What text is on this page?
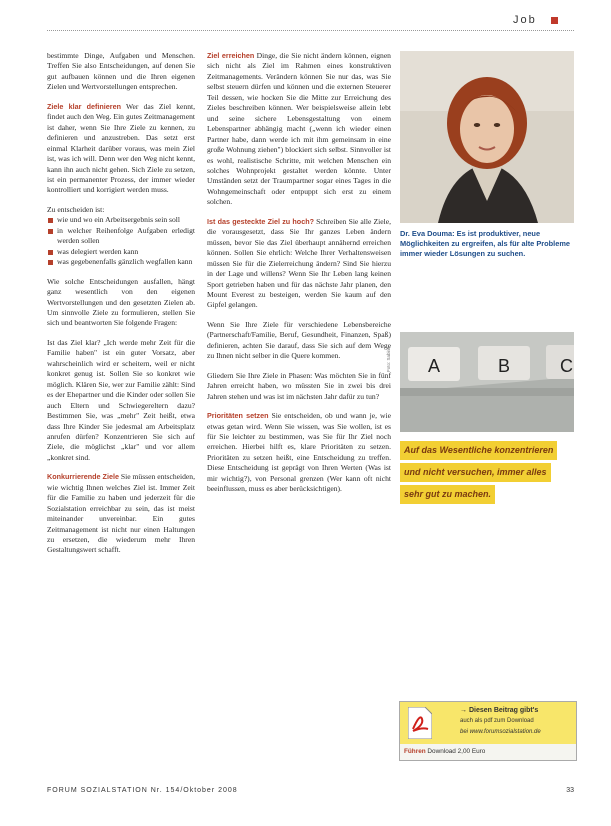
Job

bestimmte Dinge, Aufgaben und Menschen. Treffen Sie also Entscheidungen, auf denen Sie gut aufbauen können und die Ihren eigenen Zielen und Wertvorstellungen entsprechen.

Ziele klar definieren Wer das Ziel kennt, findet auch den Weg. Ein gutes Zeitmanagement ist daher, wenn Sie Ihre Ziele zu kennen, zu definieren und anzustreben. Das setzt erst einmal Klarheit darüber voraus, was mein Ziel ist, was ich will. Denn wer den Weg nicht kennt, kann ihn auch nicht gehen. Sich Ziele zu setzen, ist ein permanenter Prozess, der immer wieder kontrolliert und korrigiert werden muss.

Zu entscheiden ist:

wie und wo ein Arbeitsergebnis sein soll
in welcher Reihenfolge Aufgaben erledigt werden sollen
was delegiert werden kann
was gegebenenfalls gänzlich wegfallen kann

Wie solche Entscheidungen ausfallen, hängt ganz wesentlich von den eigenen Wertvorstellungen und den gesetzten Zielen ab. Um sinnvolle Ziele zu formulieren, stellen Sie sich und beantworten Sie folgende Fragen:

Ist das Ziel klar? „Ich werde mehr Zeit für die Familie haben" ist ein guter Vorsatz, aber wahrscheinlich wird er scheitern, weil er nicht konkret genug ist. Sollen Sie so konkret wie möglich. Klären Sie, wer zur Familie zählt: Sind es der Ehepartner und die Kinder oder sollen Sie auch Eltern und Schwiegereltern dazu? Bestimmen Sie, was „mehr" Zeit heißt, etwa dass Ihre Kinder Sie jedesmal am Arbeitsplatz anrufen dürfen? Konzentrieren Sie sich auf Ziele, die möglichst „klar" und vor allem „konkret sind.

Konkurrierende Ziele Sie müssen entscheiden, wie wichtig Ihnen welches Ziel ist. Immer Zeit für die Familie zu haben und jederzeit für die Sozialstation erreichbar zu sein, das ist meist miteinander unvereinbar. Ein gutes Zeitmanagement ist nicht nur einen Haltungen zu ersetzen, die wiederum mehr Ihren Gestaltungswert schafft.

Ziel erreichen Dinge, die Sie nicht ändern können, eignen sich nicht als Ziel im Rahmen eines konstruktiven Zeitmanagements. Verändern können Sie nur das, was Sie selbst steuern dürfen und können und die externen Steuerer Teil dessen, wie hocken Sie die Mitte zur Erreichung des Zieles beschreiben können. Wer beispielsweise allein lebt und seine sichere Lebensgestaltung von einem Lebenspartner abhängig macht („wenn ich wieder einen Partner habe, dann werde ich mit ihm gemeinsam in eine große Wohnung ziehen") blockiert sich selbst. Sinnvoller ist es wohl, realistische Schritte, mit welchen Menschen ein solches Wohnprojekt gestaltet werden könnte. Unter Umständen setzt der Traumpartner sogar eines Tages in die Wohngemeinschaft oder entpuppt sich erst zu einem solchen.

Ist das gesteckte Ziel zu hoch? Schreiben Sie alle Ziele, die vorausgesetzt, dass Sie Ihr ganzes Leben ändern müssen, bevor Sie das Ziel überhaupt annähernd erreichen können. Sollen Sie ehrlich: Welche Ihrer Verhaltensweisen müssen Sie für die Zielerreichung ändern? Sind Sie hierzu in der Lage und willens? Wenn Sie Ihr Leben lang keinen Sport getrieben haben und für das nächste Jahr planen, den Mount Everest zu besteigen, werden Sie kaum auf den Gipfel gelangen.

Wenn Sie Ihre Ziele für verschiedene Lebensbereiche (Partnerschaft/Familie, Beruf, Gesundheit, Finanzen, Spaß) definieren, achten Sie darauf, dass Sie sich auf dem Wege zu Ihnen nicht selber in die Quere kommen.

Gliedern Sie Ihre Ziele in Phasen: Was möchten Sie in fünf Jahren erreicht haben, wo müssten Sie in zwei bis drei Jahren stehen und was ist im nächsten Jahr dafür zu tun?

Prioritäten setzen Sie entscheiden, ob und wann je, wie etwas getan wird. Wenn Sie wissen, was Sie wollen, ist es für Sie leichter zu bestimmen, was Sie für Ihr Ziel noch erreichen. Hierbei hilft es, klare Prioritäten zu setzen. Prioritäten zu setzen heißt, eine Entscheidung zu treffen. Diese Entscheidung ist geprägt von Ihren Werten (Was ist mir wichtig?), von Personal grenzen (Wer kann oft nicht beeinflussen, muss es aber berücksichtigen).

Dr. Eva Douma: Es ist produktiver, neue Möglichkeiten zu ergreifen, als für alte Probleme immer wieder Lösungen zu suchen.
A	B	C
Foto: Sabine
Auf das Wesentliche konzentrieren
und nicht versuchen, immer alles
sehr gut zu machen.
→ Diesen Beitrag gibt's
auch als pdf zum Download
bei www.forumsozialstation.de
Führen Download 2,00 Euro
FORUM SOZIALSTATION Nr. 154/Oktober 2008	33
